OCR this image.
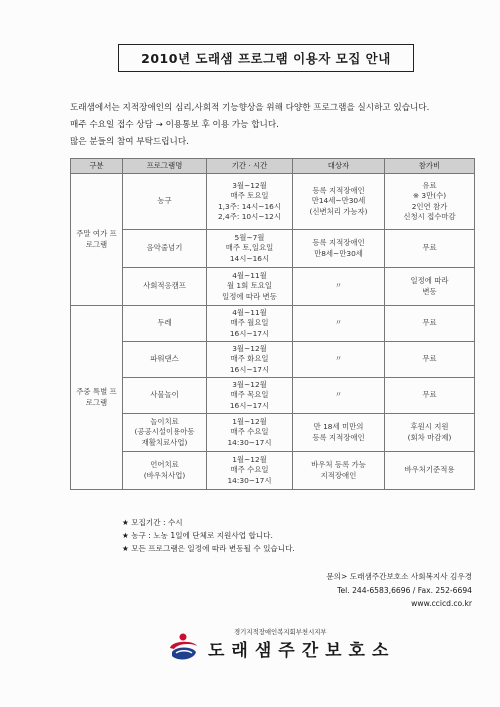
2010년 도래샘 프로그램 이용자 모집 안내
도래샘에서는 지적장애인의 심리,사회적 기능향상을 위해 다양한 프로그램을 실시하고 있습니다.
매주 수요일 접수 상담 → 이용통보 후 이용 가능 합니다.
많은 분들의 참여 부탁드립니다.
구분	프로그램명	기간 · 시간	대상자	참가비
주말 여가 프로그램	농구	3월~12월
매주 토요일
1,3주: 14시~16시
2,4주: 10시~12시	등록 지적장애인
만14세~만30세
(신변처리 가능자)	유료
※ 3만(수)
2인연 참가
신청시 접수마감

	음악줄넘기	5월~7월
매주 토,일요일
14시~16시	등록 지적장애인
만8세~만30세	무료
	사회적응캠프	4월~11월
월 1회 토요일
일정에 따라 변동	〃	일정에 따라
변동

주중 특별 프로그램	두레	4월~11월
매주 월요일
16시~17시	〃	무료
	파워댄스	3월~12월
매주 화요일
16시~17시	〃	무료
	사물놀이	3월~12월
매주 목요일
16시~17시	〃	무료

	놀이치료
(공공시설이용아동
재활치료사업)	1월~12월
매주 수요일
14:30~17시	만 18세 미만의
등록 지적장애인	후원시 지원
(회차 마감제)

	언어치료
(바우처사업)	1월~12월
매주 수요일
14:30~17시	바우처 등록 가능
지적장애인	바우처기준적용
★ 모집기간 : 수시
★ 농구 : 노농 1일에 단체로 지원사업 합니다.
★ 모든 프로그램은 일정에 따라 변동될 수 있습니다.
문의> 도래샘주간보호소 사회복지사 김우경
Tel. 244-6583,6696 / Fax. 252-6694
www.ccicd.co.kr
경기지적장애인복지회부천시지부
도래샘주간보호소
